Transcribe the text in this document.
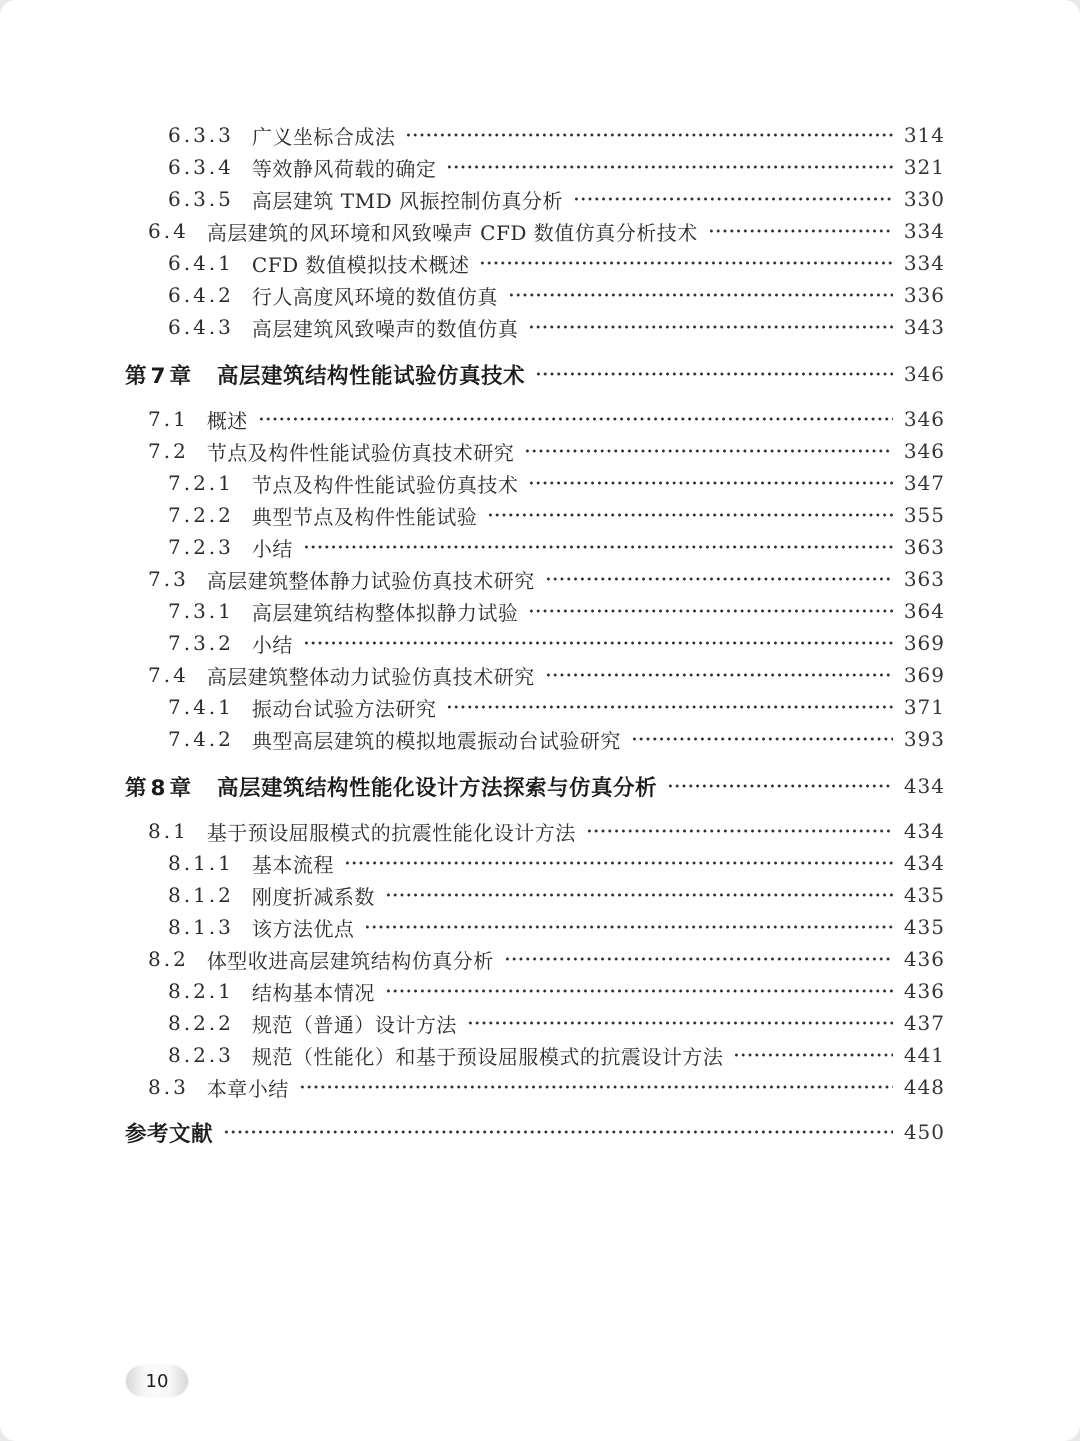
6.3.3 广义坐标合成法	314
6.3.4 等效静风荷载的确定	321
6.3.5 高层建筑 TMD 风振控制仿真分析	330
6.4 高层建筑的风环境和风致噪声 CFD 数值仿真分析技术	334
6.4.1 CFD 数值模拟技术概述	334
6.4.2 行人高度风环境的数值仿真	336
6.4.3 高层建筑风致噪声的数值仿真	343
第7章 高层建筑结构性能试验仿真技术	346
7.1 概述	346
7.2 节点及构件性能试验仿真技术研究	346
7.2.1 节点及构件性能试验仿真技术	347
7.2.2 典型节点及构件性能试验	355
7.2.3 小结	363
7.3 高层建筑整体静力试验仿真技术研究	363
7.3.1 高层建筑结构整体拟静力试验	364
7.3.2 小结	369
7.4 高层建筑整体动力试验仿真技术研究	369
7.4.1 振动台试验方法研究	371
7.4.2 典型高层建筑的模拟地震振动台试验研究	393
第8章 高层建筑结构性能化设计方法探索与仿真分析	434
8.1 基于预设屈服模式的抗震性能化设计方法	434
8.1.1 基本流程	434
8.1.2 刚度折减系数	435
8.1.3 该方法优点	435
8.2 体型收进高层建筑结构仿真分析	436
8.2.1 结构基本情况	436
8.2.2 规范（普通）设计方法	437
8.2.3 规范（性能化）和基于预设屈服模式的抗震设计方法	441
8.3 本章小结	448
参考文献	450
10
